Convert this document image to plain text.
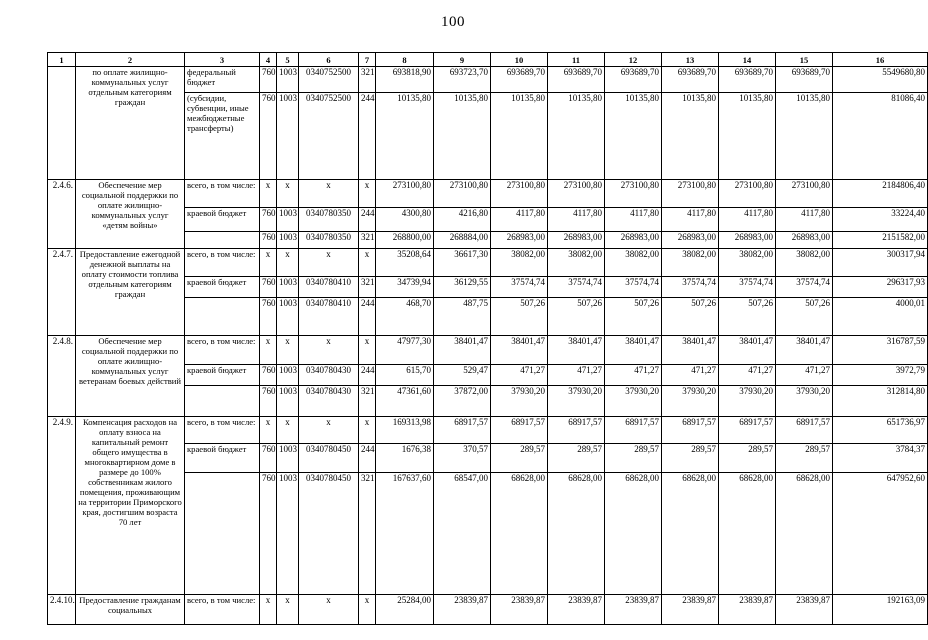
100
1	2	3	4	5	6	7	8	9	10	11	12	13	14	15	16
	по оплате жилищно-коммунальных услуг отдельным категориям граждан	федеральный бюджет	760	1003	0340752500	321	693818,90	693723,70	693689,70	693689,70	693689,70	693689,70	693689,70	693689,70	5549680,80
		(субсидии, субвенции, иные межбюджетные трансферты)	760	1003	0340752500	244	10135,80	10135,80	10135,80	10135,80	10135,80	10135,80	10135,80	10135,80	81086,40
2.4.6.	Обеспечение мер социальной поддержки по оплате жилищно-коммунальных услуг «детям войны»	всего, в том числе:	x	x	x	x	273100,80	273100,80	273100,80	273100,80	273100,80	273100,80	273100,80	273100,80	2184806,40
		краевой бюджет	760	1003	0340780350	244	4300,80	4216,80	4117,80	4117,80	4117,80	4117,80	4117,80	4117,80	33224,40
			760	1003	0340780350	321	268800,00	268884,00	268983,00	268983,00	268983,00	268983,00	268983,00	268983,00	2151582,00
2.4.7.	Предоставление ежегодной денежной выплаты на оплату стоимости топлива отдельным категориям граждан	всего, в том числе:	x	x	x	x	35208,64	36617,30	38082,00	38082,00	38082,00	38082,00	38082,00	38082,00	300317,94
		краевой бюджет	760	1003	0340780410	321	34739,94	36129,55	37574,74	37574,74	37574,74	37574,74	37574,74	37574,74	296317,93
			760	1003	0340780410	244	468,70	487,75	507,26	507,26	507,26	507,26	507,26	507,26	4000,01
2.4.8.	Обеспечение мер социальной поддержки по оплате жилищно-коммунальных услуг ветеранам боевых действий	всего, в том числе:	x	x	x	x	47977,30	38401,47	38401,47	38401,47	38401,47	38401,47	38401,47	38401,47	316787,59
		краевой бюджет	760	1003	0340780430	244	615,70	529,47	471,27	471,27	471,27	471,27	471,27	471,27	3972,79
			760	1003	0340780430	321	47361,60	37872,00	37930,20	37930,20	37930,20	37930,20	37930,20	37930,20	312814,80
2.4.9.	Компенсация расходов на оплату взноса на капитальный ремонт общего имущества в многоквартирном доме в размере до 100% собственникам жилого помещения, проживающим на территории Приморского края, достигшим возраста 70 лет	всего, в том числе:	x	x	x	x	169313,98	68917,57	68917,57	68917,57	68917,57	68917,57	68917,57	68917,57	651736,97
		краевой бюджет	760	1003	0340780450	244	1676,38	370,57	289,57	289,57	289,57	289,57	289,57	289,57	3784,37
			760	1003	0340780450	321	167637,60	68547,00	68628,00	68628,00	68628,00	68628,00	68628,00	68628,00	647952,60
2.4.10.	Предоставление гражданам социальных	всего, в том числе:	x	x	x	x	25284,00	23839,87	23839,87	23839,87	23839,87	23839,87	23839,87	23839,87	192163,09
